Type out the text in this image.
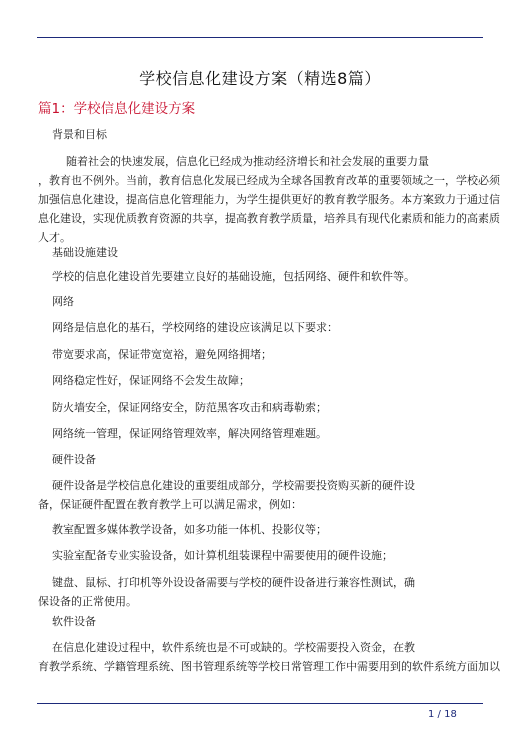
学校信息化建设方案（精选8篇）
篇1：学校信息化建设方案
背景和目标
随着社会的快速发展，信息化已经成为推动经济增长和社会发展的重要力量
，教育也不例外。当前，教育信息化发展已经成为全球各国教育改革的重要领域之一，学校必须
加强信息化建设，提高信息化管理能力，为学生提供更好的教育教学服务。本方案致力于通过信
息化建设，实现优质教育资源的共享，提高教育教学质量，培养具有现代化素质和能力的高素质
人才。
基础设施建设
学校的信息化建设首先要建立良好的基础设施，包括网络、硬件和软件等。
网络
网络是信息化的基石，学校网络的建设应该满足以下要求：
带宽要求高，保证带宽宽裕，避免网络拥堵；
网络稳定性好，保证网络不会发生故障；
防火墙安全，保证网络安全，防范黑客攻击和病毒勒索；
网络统一管理，保证网络管理效率，解决网络管理难题。
硬件设备
硬件设备是学校信息化建设的重要组成部分，学校需要投资购买新的硬件设
备，保证硬件配置在教育教学上可以满足需求，例如：
教室配置多媒体教学设备，如多功能一体机、投影仪等；
实验室配备专业实验设备，如计算机组装课程中需要使用的硬件设施；
键盘、鼠标、打印机等外设设备需要与学校的硬件设备进行兼容性测试，确
保设备的正常使用。
软件设备
在信息化建设过程中，软件系统也是不可或缺的。学校需要投入资金，在教
育教学系统、学籍管理系统、图书管理系统等学校日常管理工作中需要用到的软件系统方面加以
1 / 18
